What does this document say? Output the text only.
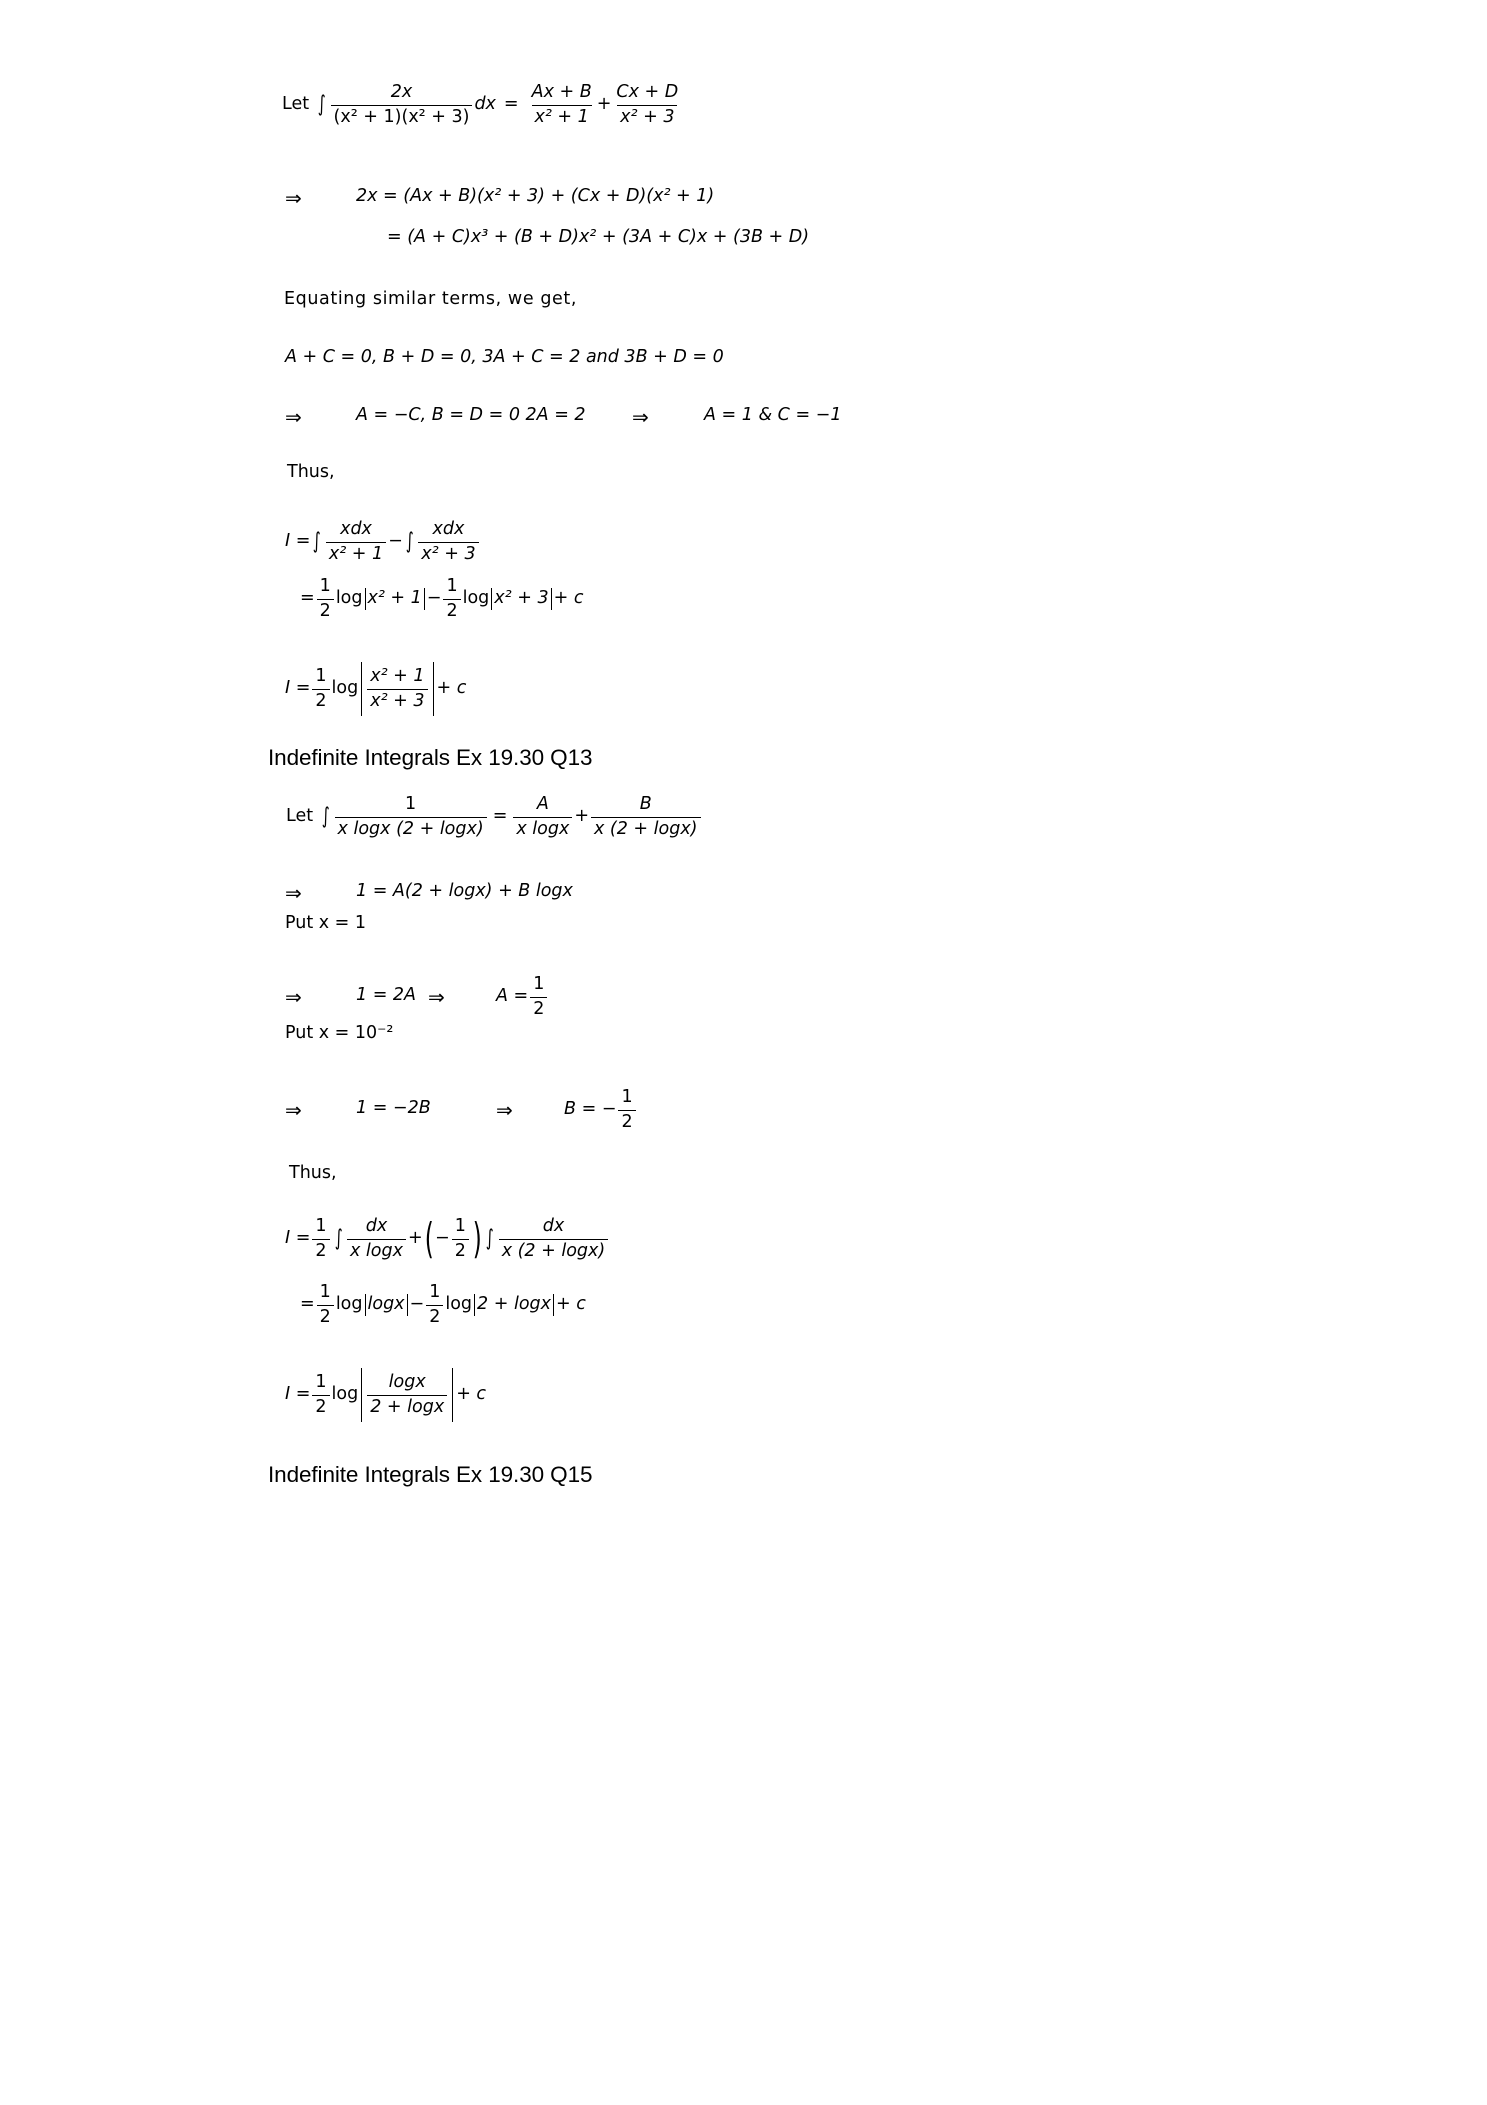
Let ∫ $\frac{2x}{\text{(x² + 1)(x² + 3)}}$ dx = $\frac{Ax + B}{\text{x² + 1}} + \frac{Cx + D}{\text{x² + 3}}$
⇒	2x = (Ax + B)(x² + 3) + (Cx + D)(x² + 1)
= (A + C)x³ + (B + D)x² + (3A + C)x + (3B + D)
Equating similar terms, we get,
A + C = 0, B + D = 0, 3A + C = 2 and 3B + D = 0
⇒	A = −C, B = D = 0 2A = 2 ⇒	A = 1 & C = −1
Thus,
I = ∫ $\frac{\text{xdx}}{\text{x² + 1}}$ − ∫ $\frac{\text{xdx}}{\text{x² + 3}}$
= $\frac{1}{2}$ $\log x^2 + 1 - \frac{1}{2}$ log x² + 3 + c
$I = \frac{1}{2}$ $\log \frac{\text{x² + 1}}{\text{x² + 3}} + c$
Indefinite Integrals Ex 19.30 Q13
Let ∫ $\frac{1}{\text{x logx (2 + logx)}} = \frac{A}{\text{x logx}} + \frac{B}{x (2 + \log x)}$
⇒	1 = A(2 + logx) + B logx
Put x = 1
⇒	1 = 2A ⇒	$A = \frac{1}{2}$
Put x = 10⁻²
⇒	1 = −2B	⇒	B = − $\frac{1}{2}$
Thus,
$I = \frac{1}{2}$ ∫ $\frac{dx}{\text{x logx}}$ + ( − $\frac{1}{2}$ ) ∫ $\frac{dx}{x (2 + \log x)}$
= $\frac{1}{2}$ $\log \log x - \frac{1}{2}$ log 2 + logx + c
$I = \frac{1}{2}$ $\log \frac{\log x}{2 + \log x} + c$
Indefinite Integrals Ex 19.30 Q15
